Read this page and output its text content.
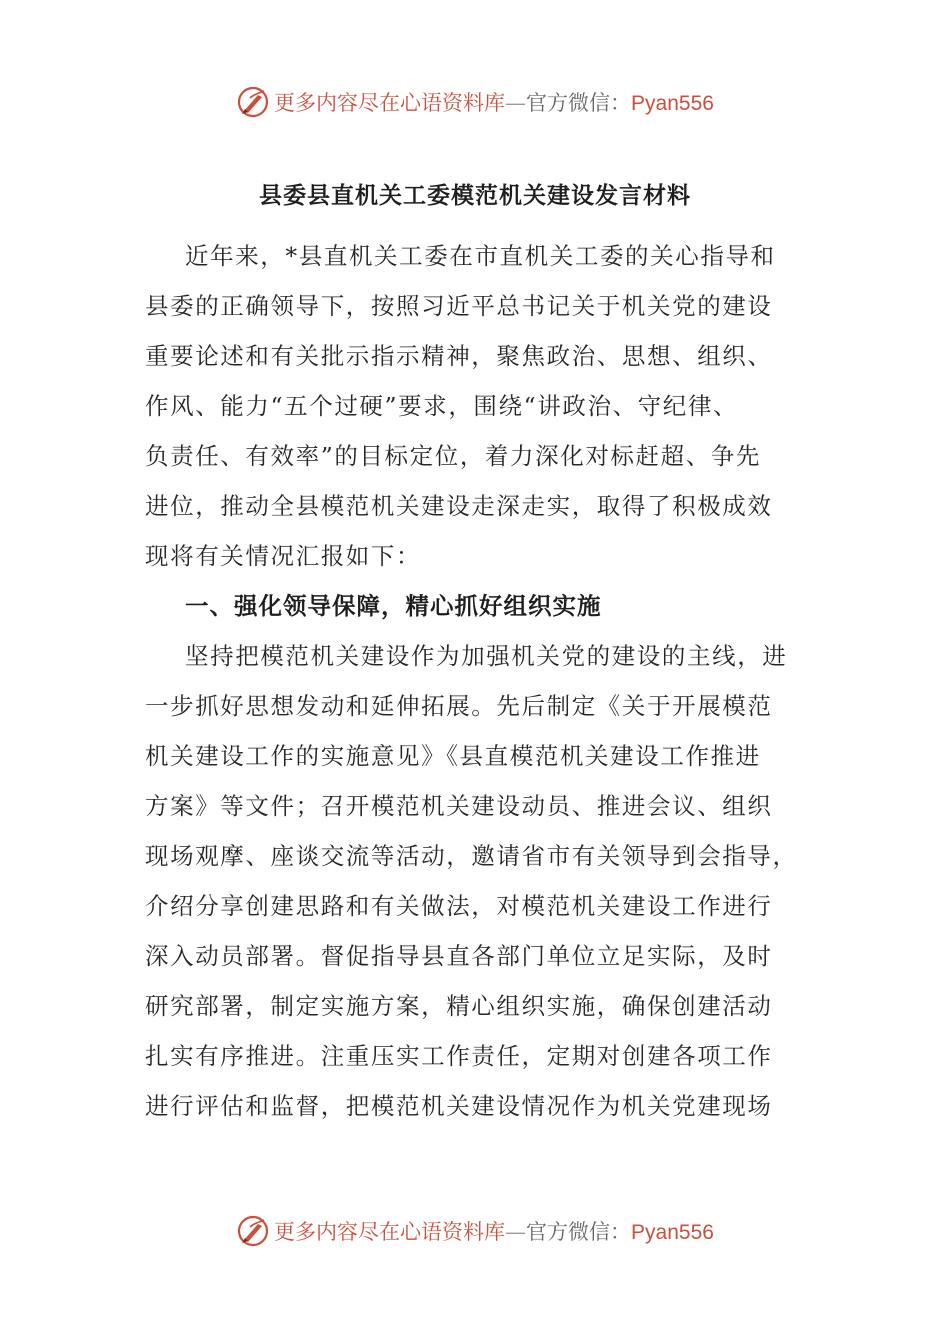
更多内容尽在心语资料库—官方微信：Pyan556
县委县直机关工委模范机关建设发言材料
近年来，*县直机关工委在市直机关工委的关心指导和
县委的正确领导下，按照习近平总书记关于机关党的建设
重要论述和有关批示指示精神，聚焦政治、思想、组织、
作风、能力“五个过硬”要求，围绕“讲政治、守纪律、
负责任、有效率”的目标定位，着力深化对标赶超、争先
进位，推动全县模范机关建设走深走实，取得了积极成效
现将有关情况汇报如下：
一、强化领导保障，精心抓好组织实施
坚持把模范机关建设作为加强机关党的建设的主线，进
一步抓好思想发动和延伸拓展。先后制定《关于开展模范
机关建设工作的实施意见》《县直模范机关建设工作推进
方案》等文件；召开模范机关建设动员、推进会议、组织
现场观摩、座谈交流等活动，邀请省市有关领导到会指导，
介绍分享创建思路和有关做法，对模范机关建设工作进行
深入动员部署。督促指导县直各部门单位立足实际，及时
研究部署，制定实施方案，精心组织实施，确保创建活动
扎实有序推进。注重压实工作责任，定期对创建各项工作
进行评估和监督，把模范机关建设情况作为机关党建现场
更多内容尽在心语资料库—官方微信：Pyan556
